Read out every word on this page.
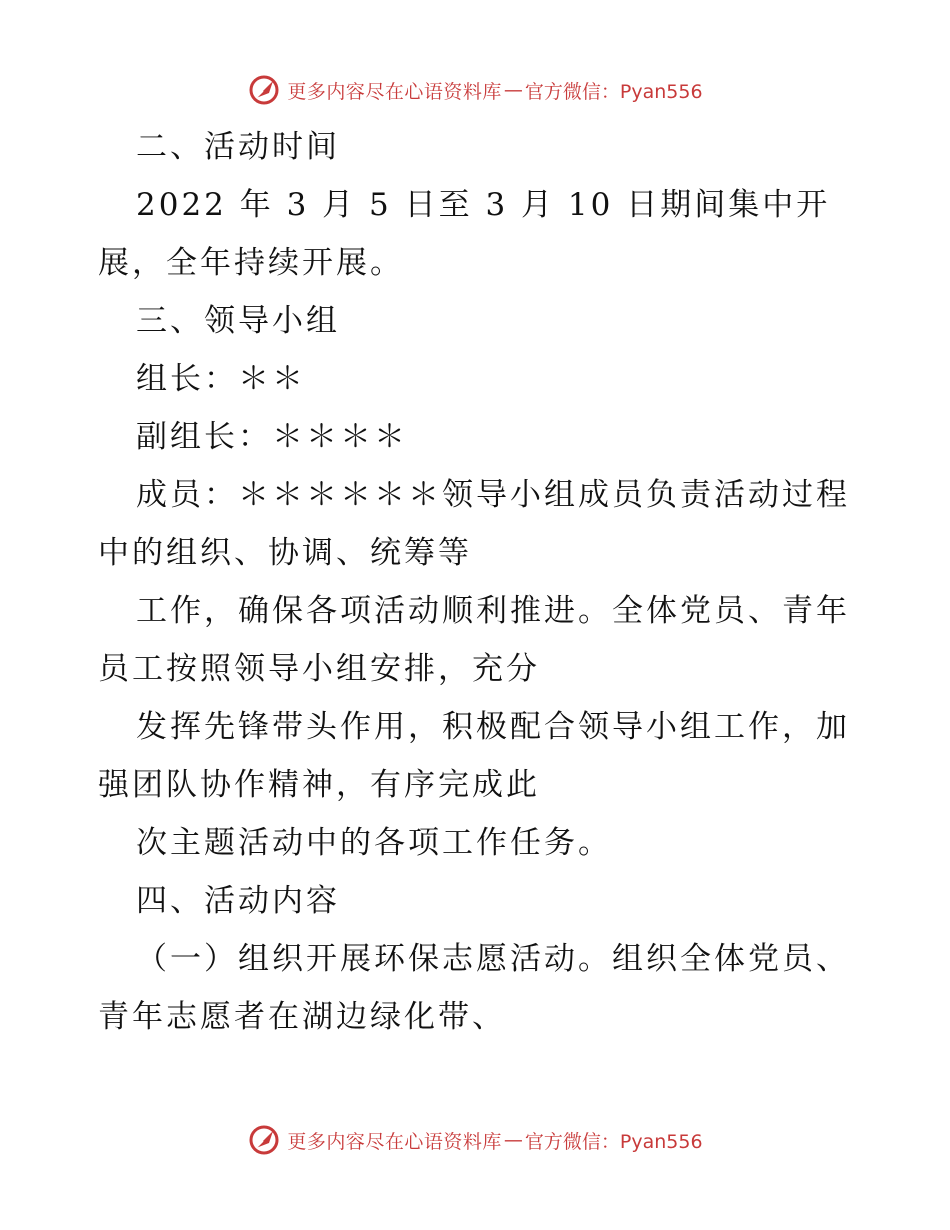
更多内容尽在心语资料库 — 官方微信：Pyan556
二、活动时间
2022 年 3 月 5 日至 3 月 10 日期间集中开
展，全年持续开展。
三、领导小组
组长：＊＊
副组长：＊＊＊＊
成员：＊＊＊＊＊＊领导小组成员负责活动过程
中的组织、协调、统筹等
工作，确保各项活动顺利推进。全体党员、青年
员工按照领导小组安排，充分
发挥先锋带头作用，积极配合领导小组工作，加
强团队协作精神，有序完成此
次主题活动中的各项工作任务。
四、活动内容
（一）组织开展环保志愿活动。组织全体党员、
青年志愿者在湖边绿化带、
更多内容尽在心语资料库 — 官方微信：Pyan556
